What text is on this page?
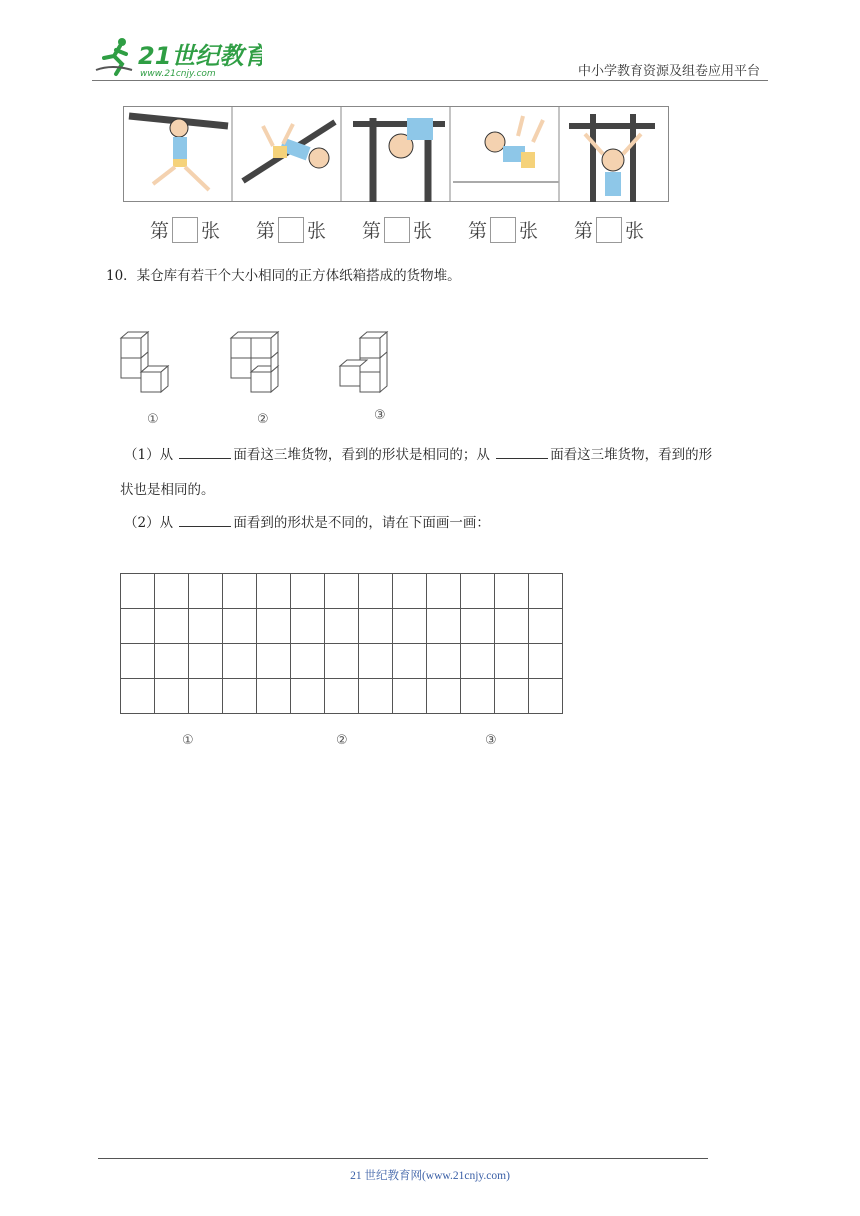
21世纪教育
www.21cnjy.com	中小学教育资源及组卷应用平台
第 张 第 张 第 张 第 张 第 张
10．某仓库有若干个大小相同的正方体纸箱搭成的货物堆。
①	②	③
（1）从	面看这三堆货物，看到的形状是相同的；从	面看这三堆货物，看到的形
状也是相同的。
（2）从	面看到的形状是不同的，请在下面画一画：
①	②	③
21 世纪教育网(www.21cnjy.com)
